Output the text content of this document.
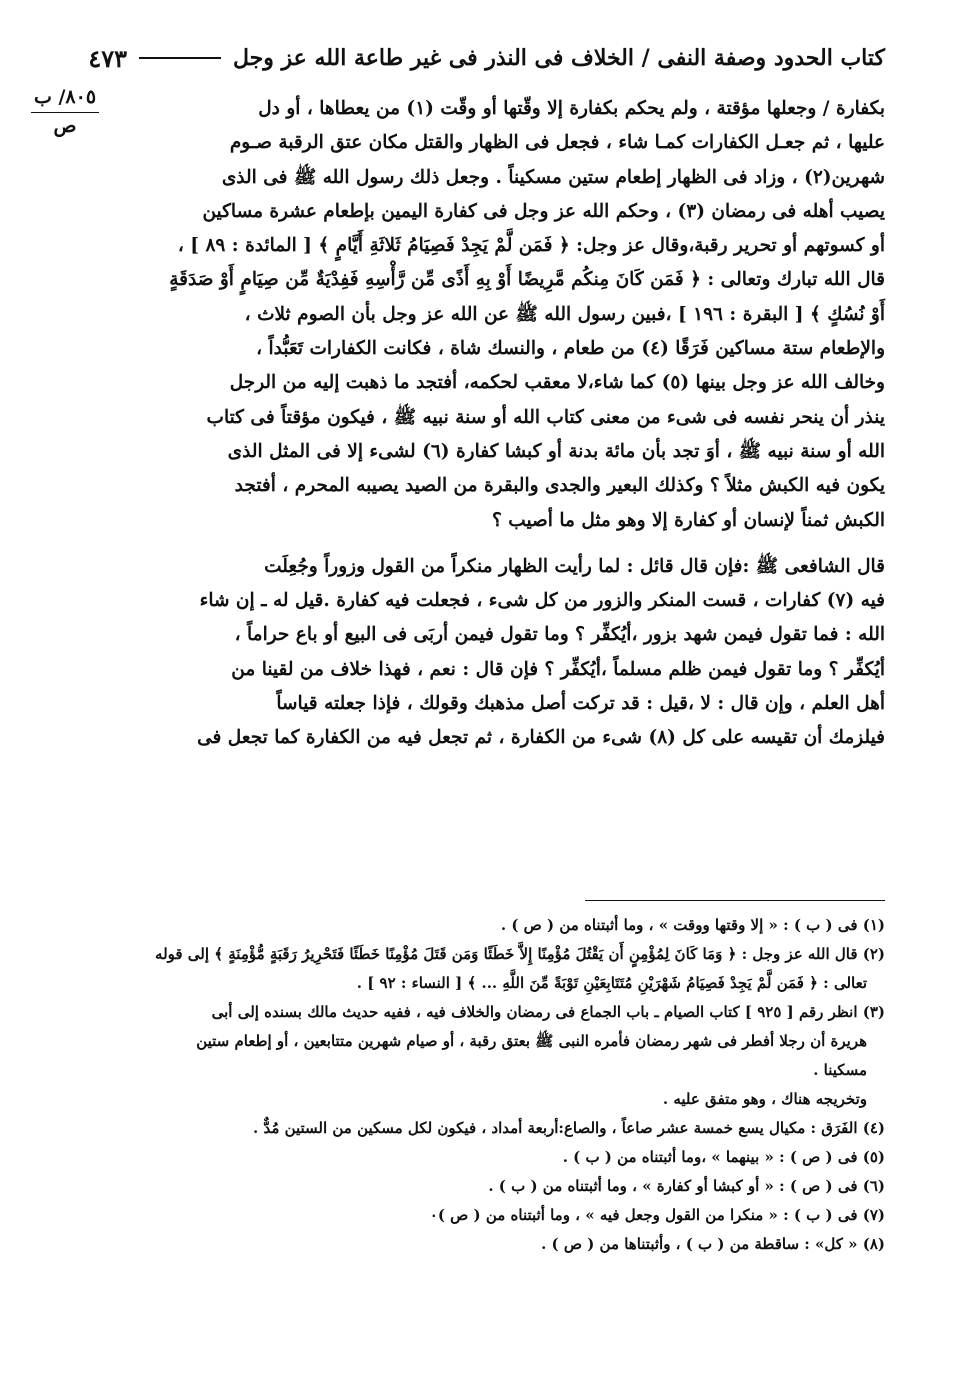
كتاب الحدود وصفة النفى / الخلاف فى النذر فى غير طاعة الله عز وجل
٤٧٣
٨٠٥/ ب
ص

بكفارة / وجعلها مؤقتة ، ولم يحكم بكفارة إلا وقّتها أو وقّت (١) من يعطاها ، أو دل

عليها ، ثم جعـل الكفارات كمـا شاء ، فجعل فى الظهار والقتل مكان عتق الرقبة صـوم

شهرين(٢) ، وزاد فى الظهار إطعام ستين مسكيناً . وجعل ذلك رسول الله ﷺ فى الذى

يصيب أهله فى رمضان (٣) ، وحكم الله عز وجل فى كفارة اليمين بإطعام عشرة مساكين

أو كسوتهم أو تحرير رقبة،وقال عز وجل: ﴿ فَمَن لَّمْ يَجِدْ فَصِيَامُ ثَلاثَةِ أَيَّامٍ ﴾ [ المائدة : ٨٩ ] ،

قال الله تبارك وتعالى : ﴿ فَمَن كَانَ مِنكُم مَّرِيضًا أَوْ بِهِ أَذًى مِّن رَّأْسِهِ فَفِدْيَةٌ مِّن صِيَامٍ أَوْ صَدَقَةٍ

أَوْ نُسُكٍ ﴾ [ البقرة : ١٩٦ ] ،فبين رسول الله ﷺ عن الله عز وجل بأن الصوم ثلاث ،

والإطعام ستة مساكين فَرَقًا (٤) من طعام ، والنسك شاة ، فكانت الكفارات تَعَبُّداً ،

وخالف الله عز وجل بينها (٥) كما شاء،لا معقب لحكمه، أفتجد ما ذهبت إليه من الرجل

ينذر أن ينحر نفسه فى شىء من معنى كتاب الله أو سنة نبيه ﷺ ، فيكون مؤقتاً فى كتاب

الله أو سنة نبيه ﷺ ، أوَ تجد بأن مائة بدنة أو كبشا كفارة (٦) لشىء إلا فى المثل الذى

يكون فيه الكبش مثلاً ؟ وكذلك البعير والجدى والبقرة من الصيد يصيبه المحرم ، أفتجد

الكبش ثمناً لإنسان أو كفارة إلا وهو مثل ما أصيب ؟

قال الشافعى ﷺ :فإن قال قائل : لما رأيت الظهار منكراً من القول وزوراً وجُعِلَت

فيه (٧) كفارات ، قست المنكر والزور من كل شىء ، فجعلت فيه كفارة .قيل له ـ إن شاء

الله : فما تقول فيمن شهد بزور ،أيُكفِّر ؟ وما تقول فيمن أربَى فى البيع أو باع حراماً ،

أيُكفِّر ؟ وما تقول فيمن ظلم مسلماً ،أيُكفِّر ؟ فإن قال : نعم ، فهذا خلاف من لقينا من

أهل العلم ، وإن قال : لا ،قيل : قد تركت أصل مذهبك وقولك ، فإذا جعلته قياساً

فيلزمك أن تقيسه على كل (٨) شىء من الكفارة ، ثم تجعل فيه من الكفارة كما تجعل فى

(١) فى ( ب ) : « إلا وقتها ووقت » ، وما أثبتناه من ( ص ) .

(٢) قال الله عز وجل : ﴿ وَمَا كَانَ لِمُؤْمِنٍ أَن يَقْتُلَ مُؤْمِنًا إِلاَّ خَطَئًا وَمَن قَتَلَ مُؤْمِنًا خَطَئًا فَتَحْرِيرُ رَقَبَةٍ مُّؤْمِنَةٍ ﴾ إلى قوله

تعالى : ﴿ فَمَن لَّمْ يَجِدْ فَصِيَامُ شَهْرَيْنِ مُتَتَابِعَيْنِ تَوْبَةً مِّنَ اللَّهِ ... ﴾ [ النساء : ٩٢ ] .

(٣) انظر رقم [ ٩٢٥ ] كتاب الصيام ـ باب الجماع فى رمضان والخلاف فيه ، ففيه حديث مالك بسنده إلى أبى

هريرة أن رجلا أفطر فى شهر رمضان فأمره النبى ﷺ بعتق رقبة ، أو صيام شهرين متتابعين ، أو إطعام ستين

مسكينا .

وتخريجه هناك ، وهو متفق عليه .

(٤) الفَرَق : مكيال يسع خمسة عشر صاعاً ، والصاع:أربعة أمداد ، فيكون لكل مسكين من الستين مُدٌّ .

(٥) فى ( ص ) : « بينهما » ،وما أثبتناه من ( ب ) .

(٦) فى ( ص ) : « أو كبشا أو كفارة » ، وما أثبتناه من ( ب ) .

(٧) فى ( ب ) : « منكرا من القول وجعل فيه » ، وما أثبتناه من ( ص )٠

(٨) « كل» : ساقطة من ( ب ) ، وأثبتناها من ( ص ) .
